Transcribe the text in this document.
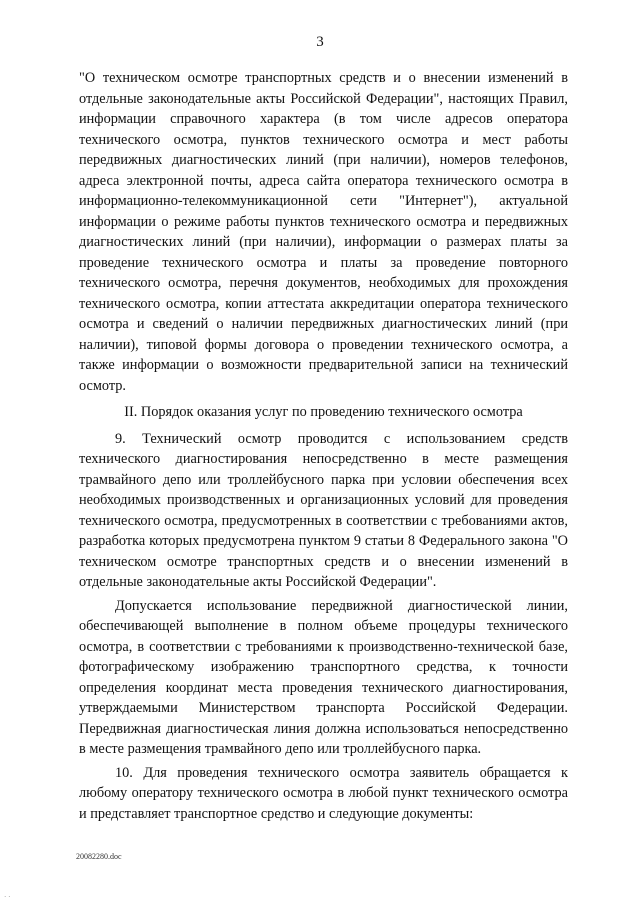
3

"О техническом осмотре транспортных средств и о внесении изменений в отдельные законодательные акты Российской Федерации", настоящих Правил, информации справочного характера (в том числе адресов оператора технического осмотра, пунктов технического осмотра и мест работы передвижных диагностических линий (при наличии), номеров телефонов, адреса электронной почты, адреса сайта оператора технического осмотра в информационно-телекоммуникационной сети "Интернет"), актуальной информации о режиме работы пунктов технического осмотра и передвижных диагностических линий (при наличии), информации о размерах платы за проведение технического осмотра и платы за проведение повторного технического осмотра, перечня документов, необходимых для прохождения технического осмотра, копии аттестата аккредитации оператора технического осмотра и сведений о наличии передвижных диагностических линий (при наличии), типовой формы договора о проведении технического осмотра, а также информации о возможности предварительной записи на технический осмотр.

II. Порядок оказания услуг по проведению технического осмотра

9. Технический осмотр проводится с использованием средств технического диагностирования непосредственно в месте размещения трамвайного депо или троллейбусного парка при условии обеспечения всех необходимых производственных и организационных условий для проведения технического осмотра, предусмотренных в соответствии с требованиями актов, разработка которых предусмотрена пунктом 9 статьи 8 Федерального закона "О техническом осмотре транспортных средств и о внесении изменений в отдельные законодательные акты Российской Федерации".

Допускается использование передвижной диагностической линии, обеспечивающей выполнение в полном объеме процедуры технического осмотра, в соответствии с требованиями к производственно-технической базе, фотографическому изображению транспортного средства, к точности определения координат места проведения технического диагностирования, утверждаемыми Министерством транспорта Российской Федерации. Передвижная диагностическая линия должна использоваться непосредственно в месте размещения трамвайного депо или троллейбусного парка.

10. Для проведения технического осмотра заявитель обращается к любому оператору технического осмотра в любой пункт технического осмотра и представляет транспортное средство и следующие документы:

20082280.doc
· ·
